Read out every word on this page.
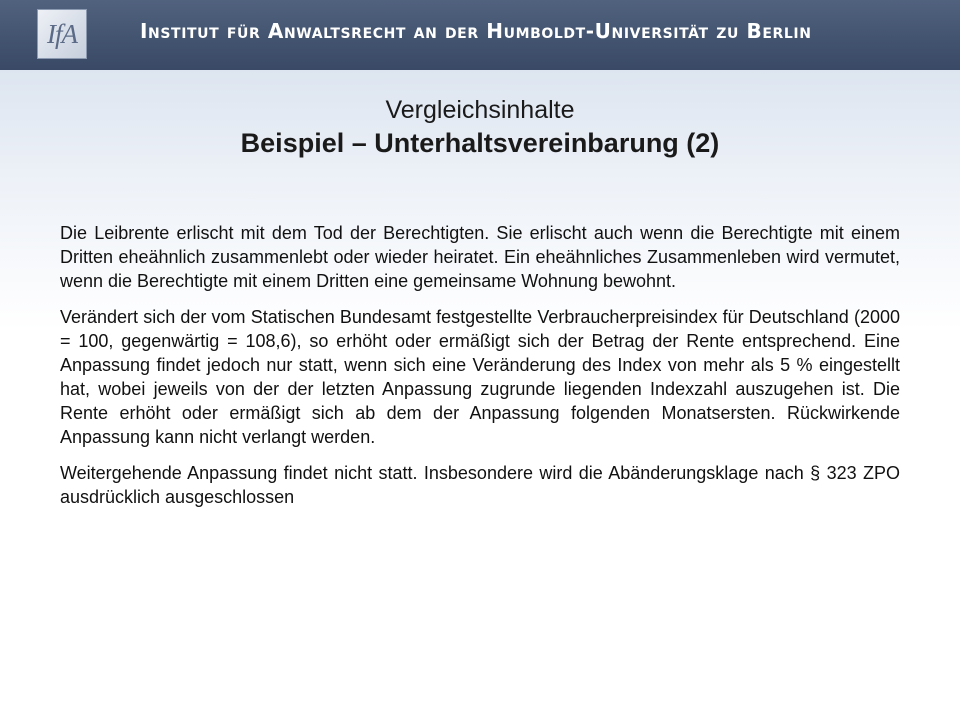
IfA	Institut für Anwaltsrecht an der Humboldt-Universität zu Berlin
Vergleichsinhalte
Beispiel – Unterhaltsvereinbarung (2)

Die Leibrente erlischt mit dem Tod der Berechtigten. Sie erlischt auch wenn die Berechtigte mit einem Dritten eheähnlich zusammenlebt oder wieder heiratet. Ein eheähnliches Zusammenleben wird vermutet, wenn die Berechtigte mit einem Dritten eine gemeinsame Wohnung bewohnt.

Verändert sich der vom Statischen Bundesamt festgestellte Verbraucherpreisindex für Deutschland (2000 = 100, gegenwärtig = 108,6), so erhöht oder ermäßigt sich der Betrag der Rente entsprechend. Eine Anpassung findet jedoch nur statt, wenn sich eine Veränderung des Index von mehr als 5 % eingestellt hat, wobei jeweils von der der letzten Anpassung zugrunde liegenden Indexzahl auszugehen ist. Die Rente erhöht oder ermäßigt sich ab dem der Anpassung folgenden Monatsersten. Rückwirkende Anpassung kann nicht verlangt werden.

Weitergehende Anpassung findet nicht statt. Insbesondere wird die Abänderungsklage nach § 323 ZPO ausdrücklich ausgeschlossen
